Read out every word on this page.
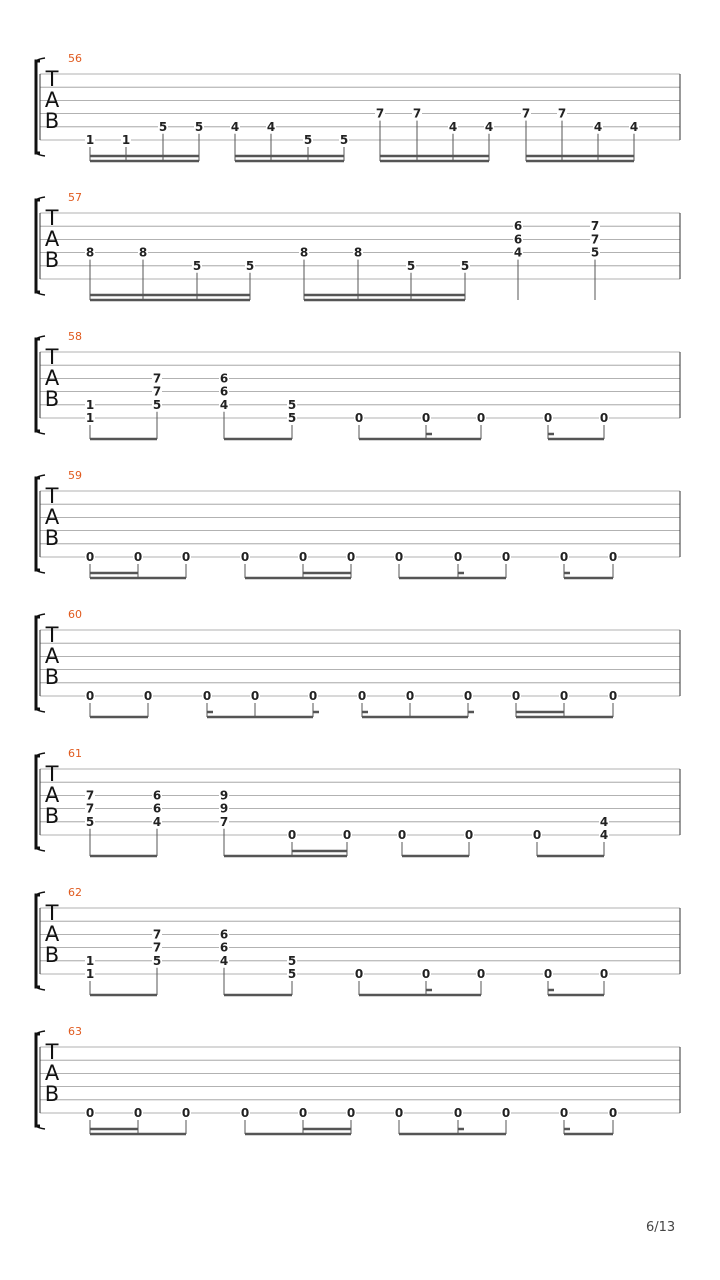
56
T
A
B
1 1
5 5 4 4
5 5
7 7
4 4
7 7
4 4
57
T
A
B 8	8
5	5
8	8
5	5
6
6
4
7
7
5
58
T
A
B 1
1
7
7
5
6
6
4	5
5	0	0	0	0	0
59
T
A
B
0	0	0	0	0	0	0	0	0	0	0
60
T
A
B
0	0	0	0	0	0	0	0	0	0	0
61
T
A
B
7
7
5
6
6
4
9
9
7
0	0	0	0	0
4
4
62
T
A
B 1
1
7
7
5
6
6
4	5
5	0	0	0	0	0
63
T
A
B
0	0	0	0	0	0	0	0	0	0	0
6/13
